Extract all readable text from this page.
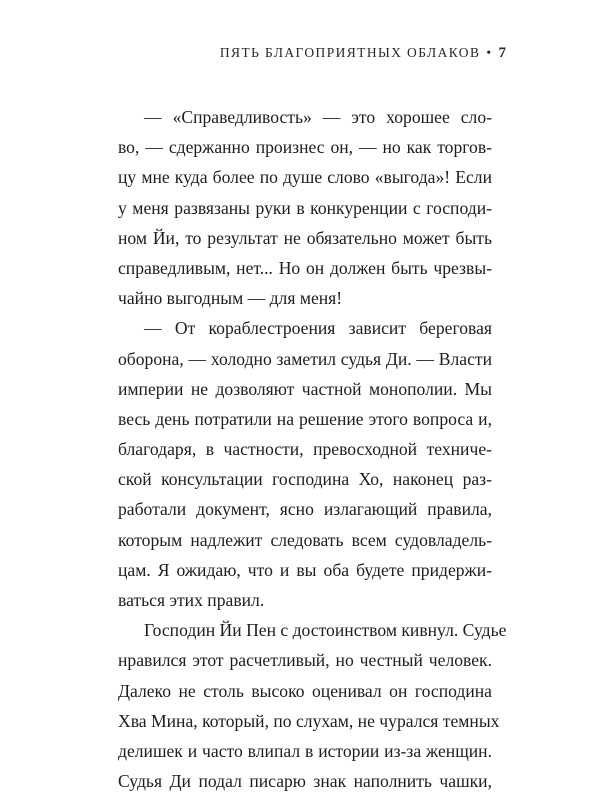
ПЯТЬ БЛАГОПРИЯТНЫХ ОБЛАКОВ • 7
— «Справедливость» — это хорошее сло-
во, — сдержанно произнес он, — но как торгов-
цу мне куда более по душе слово «выгода»! Если
у меня развязаны руки в конкуренции с господи-
ном Йи, то результат не обязательно может быть
справедливым, нет... Но он должен быть чрезвы-
чайно выгодным — для меня!
— От кораблестроения зависит береговая
оборона, — холодно заметил судья Ди. — Власти
империи не дозволяют частной монополии. Мы
весь день потратили на решение этого вопроса и,
благодаря, в частности, превосходной техниче-
ской консультации господина Хо, наконец раз-
работали документ, ясно излагающий правила,
которым надлежит следовать всем судовладель-
цам. Я ожидаю, что и вы оба будете придержи-
ваться этих правил.
Господин Йи Пен с достоинством кивнул. Судье
нравился этот расчетливый, но честный человек.
Далеко не столь высоко оценивал он господина
Хва Мина, который, по слухам, не чурался темных
делишек и часто влипал в истории из-за женщин.
Судья Ди подал писарю знак наполнить чашки,
